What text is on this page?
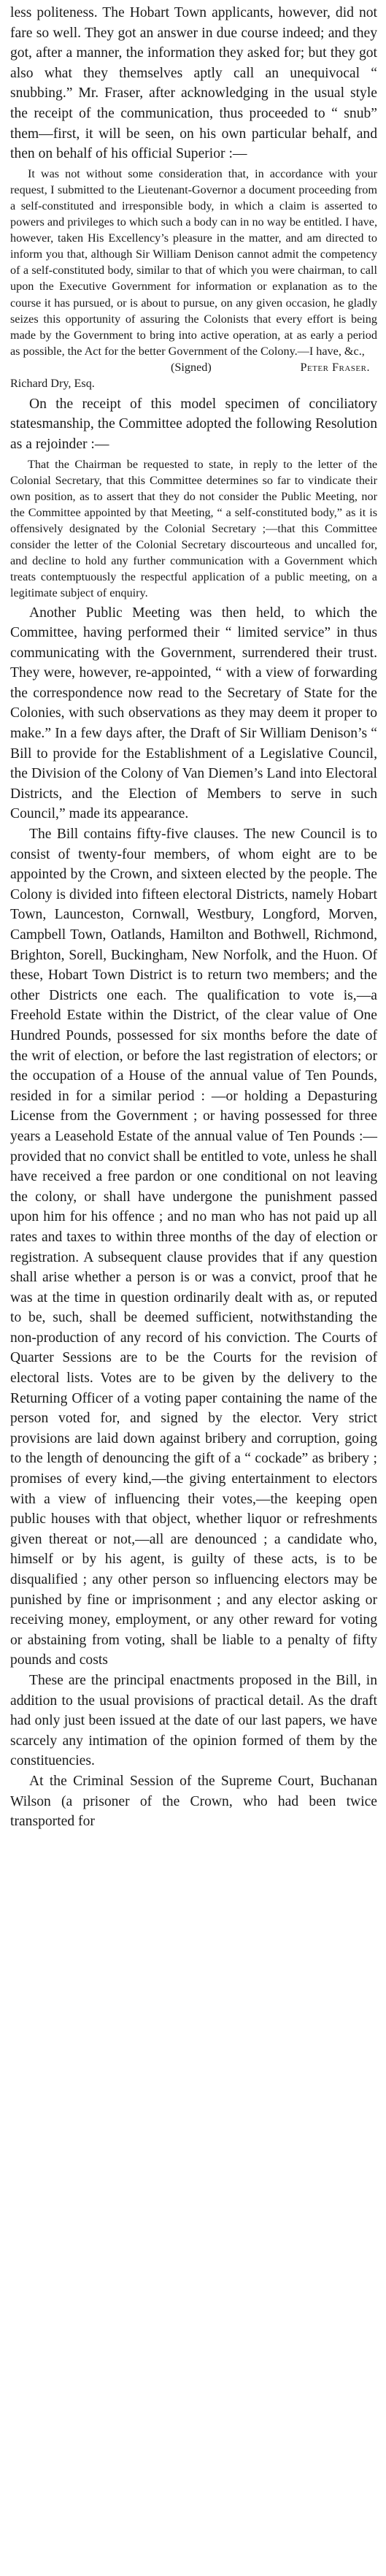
less politeness. The Hobart Town applicants, however, did not fare so well. They got an answer in due course indeed; and they got, after a manner, the information they asked for; but they got also what they themselves aptly call an unequivocal “ snubbing.” Mr. Fraser, after acknowledging in the usual style the receipt of the communication, thus proceeded to “ snub” them—first, it will be seen, on his own particular behalf, and then on behalf of his official Superior :—

It was not without some consideration that, in accordance with your request, I submitted to the Lieutenant-Governor a document proceeding from a self-constituted and irresponsible body, in which a claim is asserted to powers and privileges to which such a body can in no way be entitled. I have, however, taken His Excellency’s pleasure in the matter, and am directed to inform you that, although Sir William Denison cannot admit the competency of a self-constituted body, similar to that of which you were chairman, to call upon the Executive Government for information or explanation as to the course it has pursued, or is about to pursue, on any given occasion, he gladly seizes this opportunity of assuring the Colonists that every effort is being made by the Government to bring into active operation, at as early a period as possible, the Act for the better Government of the Colony.—I have, &c.,

(Signed)	Peter Fraser.
Richard Dry, Esq.

On the receipt of this model specimen of conciliatory statesmanship, the Committee adopted the following Resolution as a rejoinder :—

That the Chairman be requested to state, in reply to the letter of the Colonial Secretary, that this Committee determines so far to vindicate their own position, as to assert that they do not consider the Public Meeting, nor the Committee appointed by that Meeting, “ a self-constituted body,” as it is offensively designated by the Colonial Secretary ;—that this Committee consider the letter of the Colonial Secretary discourteous and uncalled for, and decline to hold any further communication with a Government which treats contemptuously the respectful application of a public meeting, on a legitimate subject of enquiry.

Another Public Meeting was then held, to which the Committee, having performed their “ limited service” in thus communicating with the Government, surrendered their trust. They were, however, re-appointed, “ with a view of forwarding the correspondence now read to the Secretary of State for the Colonies, with such observations as they may deem it proper to make.” In a few days after, the Draft of Sir William Denison’s “ Bill to provide for the Establishment of a Legislative Council, the Division of the Colony of Van Diemen’s Land into Electoral Districts, and the Election of Members to serve in such Council,” made its appearance.

The Bill contains fifty-five clauses. The new Council is to consist of twenty-four members, of whom eight are to be appointed by the Crown, and sixteen elected by the people. The Colony is divided into fifteen electoral Districts, namely Hobart Town, Launceston, Cornwall, Westbury, Longford, Morven, Campbell Town, Oatlands, Hamilton and Bothwell, Richmond, Brighton, Sorell, Buckingham, New Norfolk, and the Huon. Of these, Hobart Town District is to return two members; and the other Districts one each. The qualification to vote is,—a Freehold Estate within the District, of the clear value of One Hundred Pounds, possessed for six months before the date of the writ of election, or before the last registration of electors; or the occupation of a House of the annual value of Ten Pounds, resided in for a similar period : —or holding a Depasturing License from the Government ; or having possessed for three years a Leasehold Estate of the annual value of Ten Pounds :—provided that no convict shall be entitled to vote, unless he shall have received a free pardon or one conditional on not leaving the colony, or shall have undergone the punishment passed upon him for his offence ; and no man who has not paid up all rates and taxes to within three months of the day of election or registration. A subsequent clause provides that if any question shall arise whether a person is or was a convict, proof that he was at the time in question ordinarily dealt with as, or reputed to be, such, shall be deemed sufficient, notwithstanding the non-production of any record of his conviction. The Courts of Quarter Sessions are to be the Courts for the revision of electoral lists. Votes are to be given by the delivery to the Returning Officer of a voting paper containing the name of the person voted for, and signed by the elector. Very strict provisions are laid down against bribery and corruption, going to the length of denouncing the gift of a “ cockade” as bribery ; promises of every kind,—the giving entertainment to electors with a view of influencing their votes,—the keeping open public houses with that object, whether liquor or refreshments given thereat or not,—all are denounced ; a candidate who, himself or by his agent, is guilty of these acts, is to be disqualified ; any other person so influencing electors may be punished by fine or imprisonment ; and any elector asking or receiving money, employment, or any other reward for voting or abstaining from voting, shall be liable to a penalty of fifty pounds and costs

These are the principal enactments proposed in the Bill, in addition to the usual provisions of practical detail. As the draft had only just been issued at the date of our last papers, we have scarcely any intimation of the opinion formed of them by the constituencies.

At the Criminal Session of the Supreme Court, Buchanan Wilson (a prisoner of the Crown, who had been twice transported for
